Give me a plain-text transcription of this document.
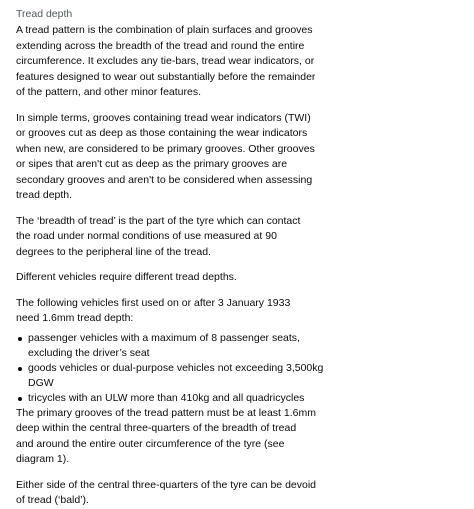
Tread depth

A tread pattern is the combination of plain surfaces and grooves extending across the breadth of the tread and round the entire circumference. It excludes any tie-bars, tread wear indicators, or features designed to wear out substantially before the remainder of the pattern, and other minor features.

In simple terms, grooves containing tread wear indicators (TWI) or grooves cut as deep as those containing the wear indicators when new, are considered to be primary grooves. Other grooves or sipes that aren't cut as deep as the primary grooves are secondary grooves and aren't to be considered when assessing tread depth.

The ‘breadth of tread’ is the part of the tyre which can contact the road under normal conditions of use measured at 90 degrees to the peripheral line of the tread.

Different vehicles require different tread depths.

The following vehicles first used on or after 3 January 1933 need 1.6mm tread depth:

passenger vehicles with a maximum of 8 passenger seats, excluding the driver’s seat
goods vehicles or dual-purpose vehicles not exceeding 3,500kg DGW
tricycles with an ULW more than 410kg and all quadricycles

The primary grooves of the tread pattern must be at least 1.6mm deep within the central three-quarters of the breadth of tread and around the entire outer circumference of the tyre (see diagram 1).

Either side of the central three-quarters of the tyre can be devoid of tread (‘bald’).
